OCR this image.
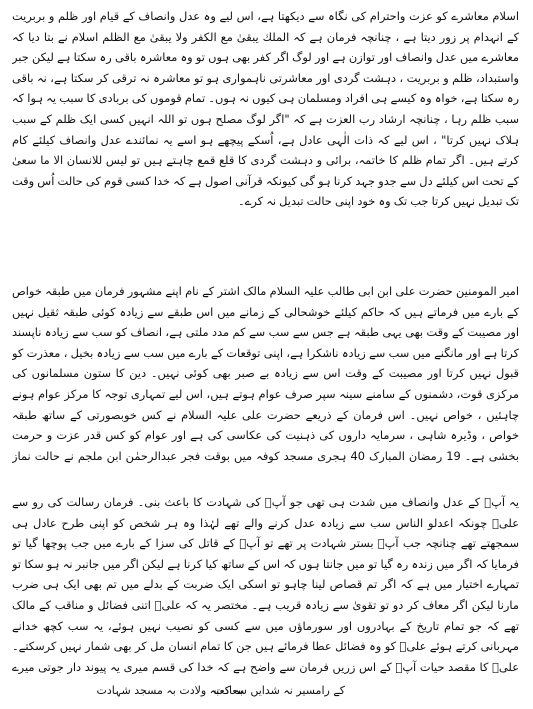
اسلام معاشرے کو عزت واحترام کی نگاہ سے دیکھتا ہے، اس لیے وہ عدل وانصاف کے قیام اور ظلم و بربریت کے انہدام پر زور دیتا ہے ، چنانچہ فرمان ہے کہ الملك يبقیٰ مع الكفر ولا يبقیٰ مع الظلم اسلام نے بتا دیا کہ معاشرے میں عدل وانصاف اور توازن ہے اور لوگ اگر کفر بھی ہوں تو وہ معاشرہ باقی رہ سکتا ہے لیکن جبر واستبداد، ظلم و بربریت ، دہشت گردی اور معاشرتی ناہمواری ہو تو معاشرہ نہ ترقی کر سکتا ہے، نہ باقی رہ سکتا ہے، خواہ وہ کیسے ہی افراد ومسلمان ہی کیوں نہ ہوں۔ تمام قوموں کی بربادی کا سبب یہ ہوا کہ سبب ظلم رہا ، چنانچہ ارشاد رب العزت ہے کہ "اگر لوگ مصلح ہوں تو اللہ انہیں کسی ایک ظلم کے سبب ہلاک نہیں کرتا" ، اس لیے کہ ذات الٰہی عادل ہے، اُسکے پیچھے ہو اسے یہ نمائندے عدل وانصاف کیلئے کام کرتے ہیں۔ اگر تمام ظلم کا خاتمہ، برائی و دہشت گردی کا قلع قمع چاہتے ہیں تو لیس للانسان الا ما سعیٰ کے تحت اس کیلئے دل سے جدو جہد کرنا ہو گی کیونکہ قرآنی اصول ہے کہ خدا کسی قوم کی حالت اُس وقت تک تبدیل نہیں کرتا جب تک وہ خود اپنی حالت تبدیل نہ کرے۔

امیر المومنین حضرت علی ابن ابی طالب علیہ السلام مالک اشتر کے نام اپنے مشہور فرمان میں طبقہ خواص کے بارے میں فرماتے ہیں کہ حاکم کیلئے خوشحالی کے زمانے میں اس طبقے سے زیادہ کوئی طبقہ ثقیل نہیں اور مصیبت کے وقت بھی یہی طبقہ ہے جس سے سب سے کم مدد ملتی ہے، انصاف کو سب سے زیادہ ناپسند کرتا ہے اور مانگنے میں سب سے زیادہ ناشکرا ہے، اپنی توقعات کے بارے میں سب سے زیادہ بخیل ، معذرت کو قبول نہیں کرتا اور مصیبت کے وقت اس سے زیادہ بے صبر بھی کوئی نہیں۔ دین کا ستون مسلمانوں کی مرکزی قوت، دشمنوں کے سامنے سینہ سپر صرف عوام ہوتے ہیں، اس لیے تمہاری توجہ کا مرکز عوام ہونے چاہئیں ، خواص نہیں۔ اس فرمان کے ذریعے حضرت علی علیہ السلام نے کس خوبصورتی کے ساتھ طبقہ خواص ، وڈیرہ شاہی ، سرمایہ داروں کی ذہنیت کی عکاسی کی ہے اور عوام کو کس قدر عزت و حرمت بخشی ہے۔ 19 رمضان المبارک 40 ہجری مسجد کوفہ میں بوقت فجر عبدالرحمٰن ابن ملجم نے حالت نماز

یہ آپؑ کے عدل وانصاف میں شدت ہی تھی جو آپؑ کی شہادت کا باعث بنی۔ فرمان رسالت کی رو سے علیؑ چونکہ اعدلو الناس سب سے زیادہ عدل کرنے والے تھے لہٰذا وہ ہر شخص کو اپنی طرح عادل ہی سمجھتے تھے چنانچہ جب آپؑ بستر شہادت پر تھے تو آپؑ کے قاتل کی سزا کے بارے میں جب پوچھا گیا تو فرمایا کہ اگر میں زندہ رہ گیا تو میں جانتا ہوں کہ اس کے ساتھ کیا کرنا ہے لیکن اگر میں جانبر نہ ہو سکا تو تمہارے اختیار میں ہے کہ اگر تم قصاص لینا چاہو تو اسکی ایک ضربت کے بدلے میں تم بھی ایک ہی ضرب مارنا لیکن اگر معاف کر دو تو تقویٰ سے زیادہ قریب ہے۔ مختصر یہ کہ علیؑ اتنی فضائل و مناقب کے مالک تھے کہ جو تمام تاریخ کے بہادروں اور سورماؤں میں سے کسی کو نصیب نہیں ہوئے، یہ سب کچھ خدانے مہربانی کرتے ہوئے علیؑ کو وہ فضائل عطا فرمائے ہیں جن کا تمام انسان مل کر بھی شمار نہیں کرسکتے۔ علیؑ کا مقصد حیات آپؑ کے اس زریں فرمان سے واضح ہے کہ خدا کی قسم میری یہ پیوند دار جوتی میرے

کے رامسیر نہ شدایں سعادت
بہ کعبہ ولادت بہ مسجد شہادت
